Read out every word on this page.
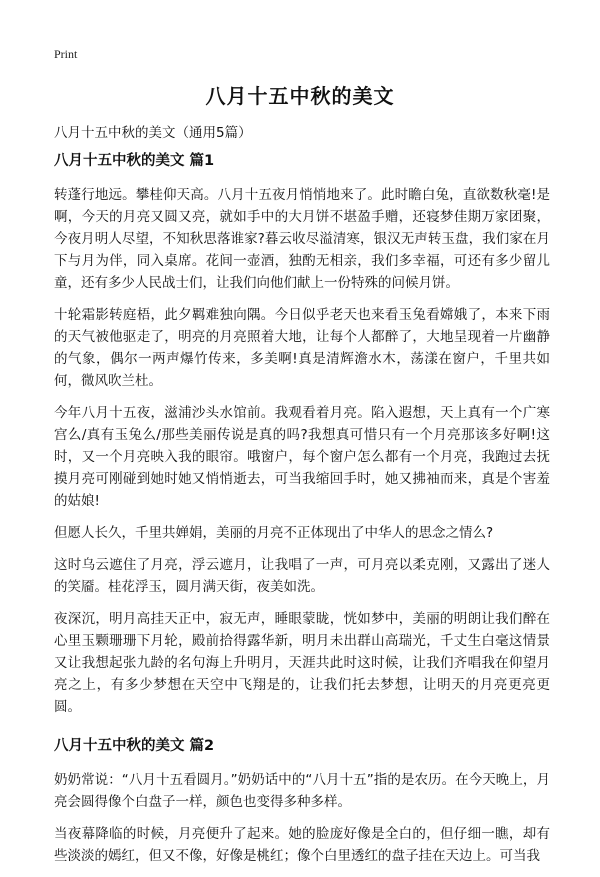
Print
八月十五中秋的美文
八月十五中秋的美文（通用5篇）
八月十五中秋的美文 篇1

转蓬行地远。攀桂仰天高。八月十五夜月悄悄地来了。此时瞻白兔，直欲数秋毫!是啊，今天的月亮又圆又亮，就如手中的大月饼不堪盈手赠，还寝梦佳期万家团聚，今夜月明人尽望，不知秋思落谁家?暮云收尽溢清寒，银汉无声转玉盘，我们家在月下与月为伴，同入桌席。花间一壶酒，独酌无相亲，我们多幸福，可还有多少留儿童，还有多少人民战士们，让我们向他们献上一份特殊的问候月饼。

十轮霜影转庭梧，此夕羁难独向隅。今日似乎老天也来看玉兔看嫦娥了，本来下雨的天气被他驱走了，明亮的月亮照着大地，让每个人都醉了，大地呈现着一片幽静的气象，偶尔一两声爆竹传来，多美啊!真是清辉澹水木，荡漾在窗户，千里共如何，微风吹兰杜。

今年八月十五夜，滋浦沙头水馆前。我观看着月亮。陷入遐想，天上真有一个广寒宫么/真有玉兔么/那些美丽传说是真的吗?我想真可惜只有一个月亮那该多好啊!这时，又一个月亮映入我的眼帘。哦窗户，每个窗户怎么都有一个月亮，我跑过去抚摸月亮可刚碰到她时她又悄悄逝去，可当我缩回手时，她又拂袖而来，真是个害羞的姑娘!

但愿人长久，千里共婵娟，美丽的月亮不正体现出了中华人的思念之情么?

这时乌云遮住了月亮，浮云遮月，让我唱了一声，可月亮以柔克刚，又露出了迷人的笑靥。桂花浮玉，圆月满天街，夜美如洗。

夜深沉，明月高挂天正中，寂无声，睡眼蒙眬，恍如梦中，美丽的明朗让我们醉在心里玉颗珊珊下月轮，殿前拾得露华新，明月未出群山高瑞光，千丈生白毫这情景又让我想起张九龄的名句海上升明月，天涯共此时这时候，让我们齐唱我在仰望月亮之上，有多少梦想在天空中飞翔是的，让我们托去梦想，让明天的月亮更亮更圆。

八月十五中秋的美文 篇2

奶奶常说：“八月十五看圆月。”奶奶话中的“八月十五”指的是农历。在今天晚上，月亮会圆得像个白盘子一样，颜色也变得多种多样。

当夜幕降临的时候，月亮便升了起来。她的脸庞好像是全白的，但仔细一瞧，却有些淡淡的嫣红，但又不像，好像是桃红；像个白里透红的盘子挂在天边上。可当我
